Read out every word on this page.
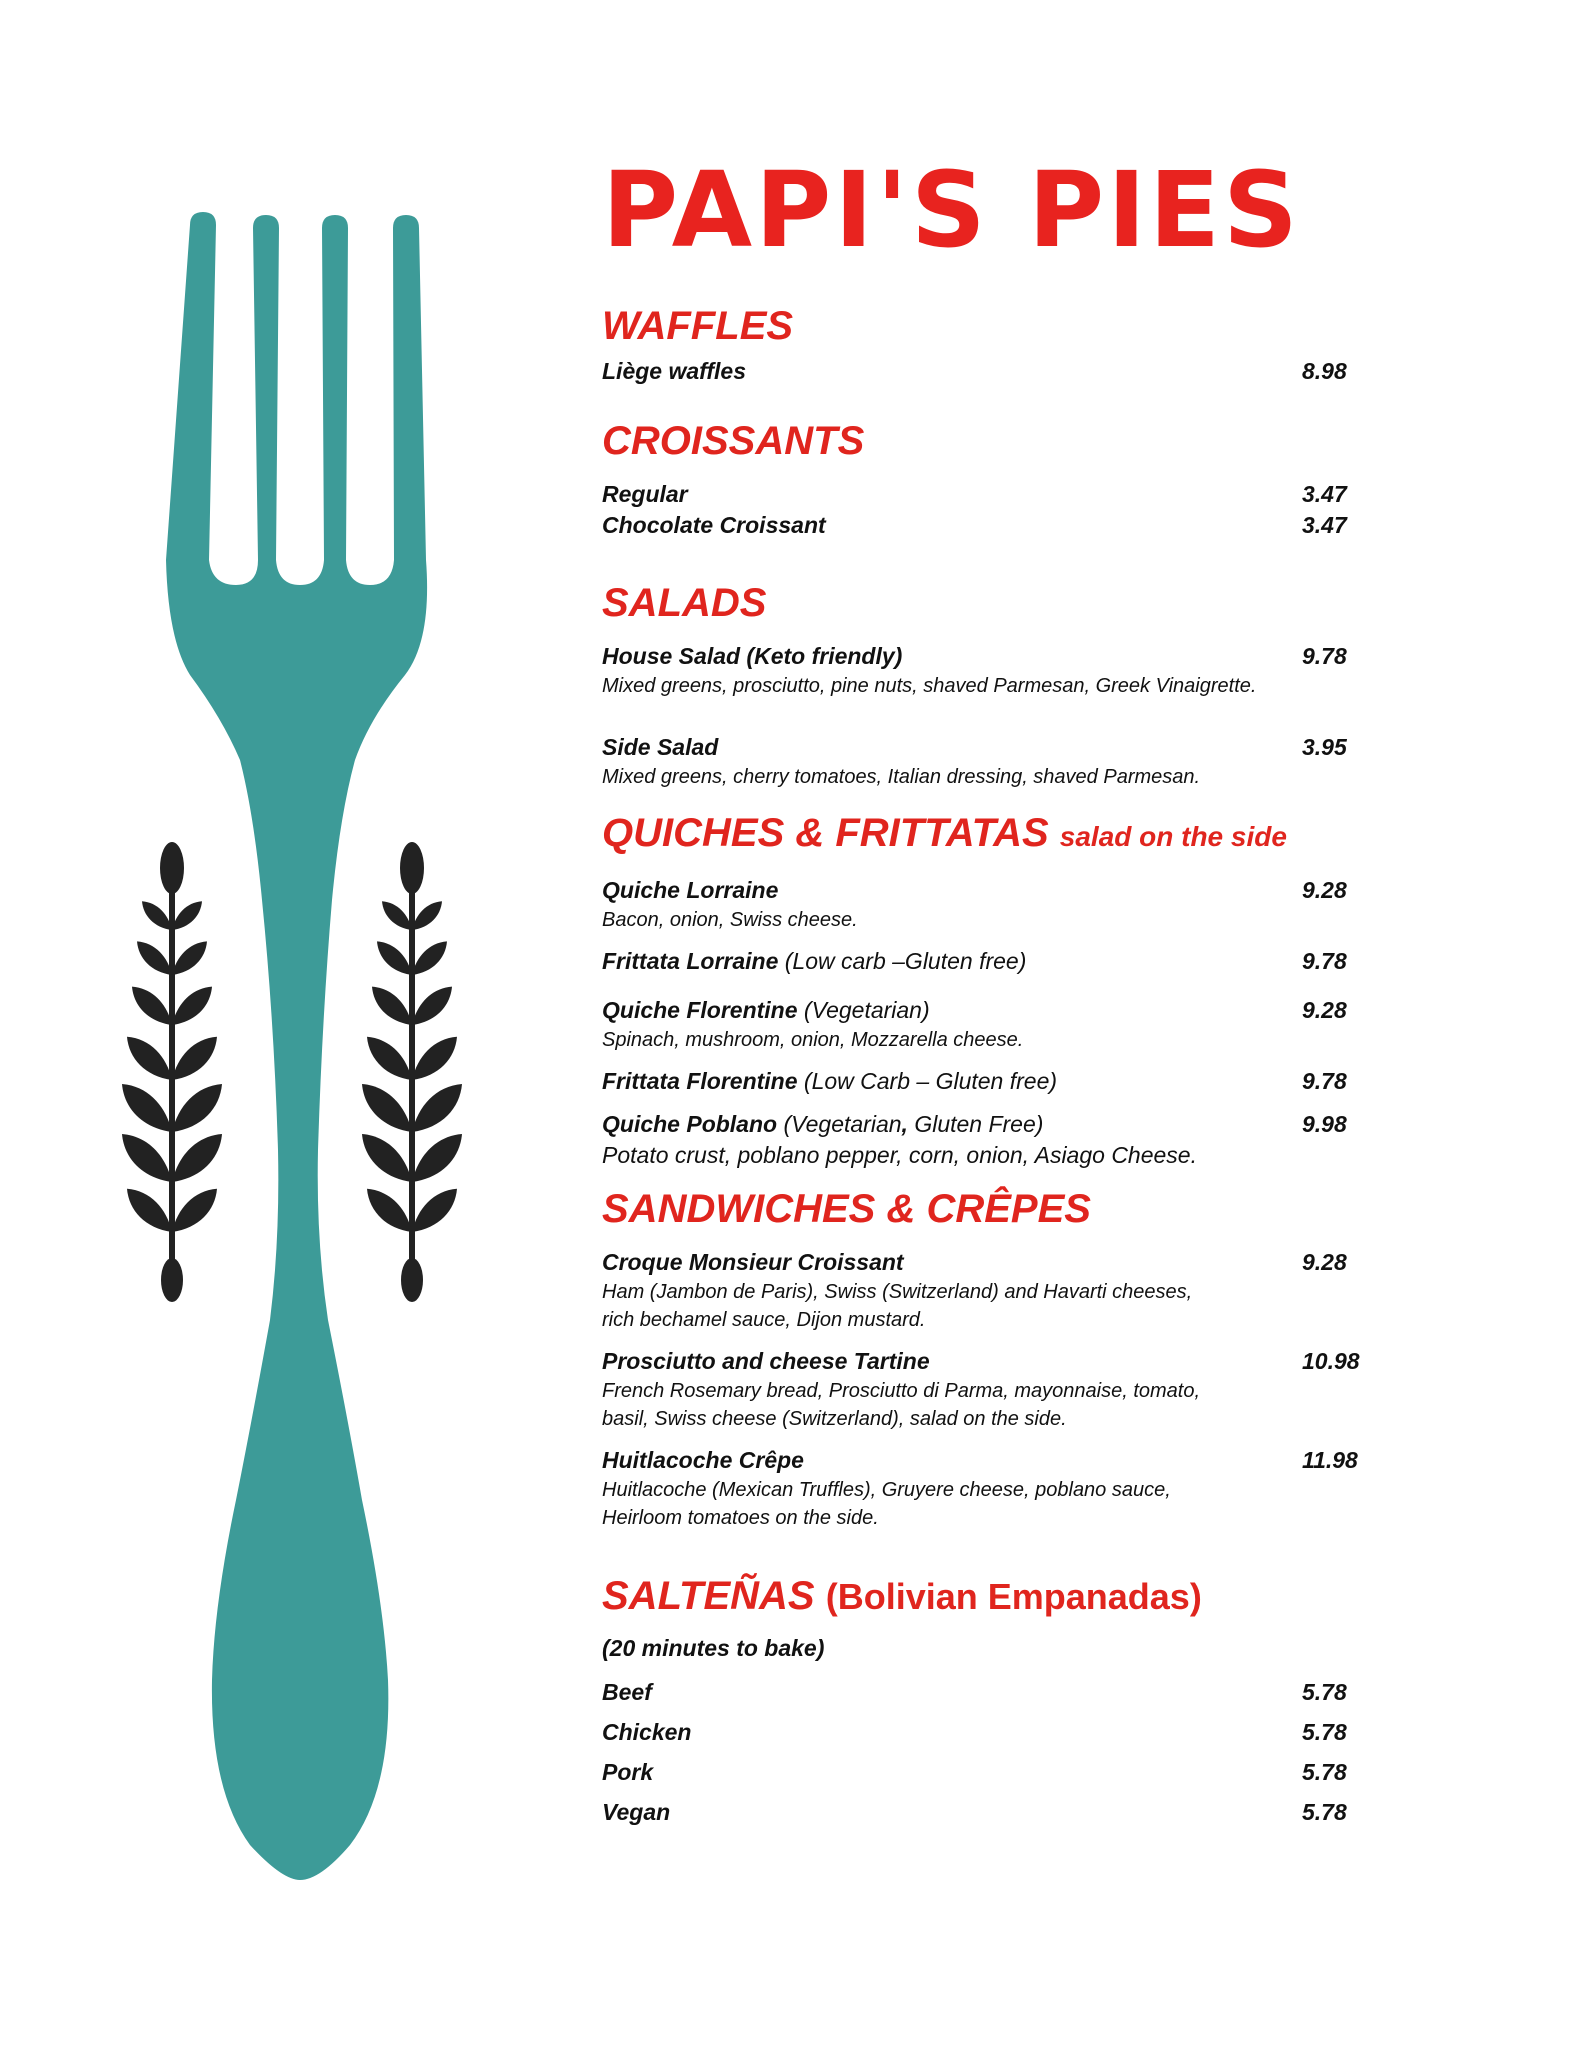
PAPI'S PIES
WAFFLES
Liège waffles	8.98
CROISSANTS
Regular	3.47
Chocolate Croissant	3.47
SALADS
House Salad (Keto friendly)	9.78
Mixed greens, prosciutto, pine nuts, shaved Parmesan, Greek Vinaigrette.
Side Salad	3.95
Mixed greens, cherry tomatoes, Italian dressing, shaved Parmesan.
QUICHES & FRITTATAS salad on the side
Quiche Lorraine	9.28
Bacon, onion, Swiss cheese.
Frittata Lorraine (Low carb –Gluten free)	9.78
Quiche Florentine (Vegetarian)	9.28
Spinach, mushroom, onion, Mozzarella cheese.
Frittata Florentine (Low Carb – Gluten free)	9.78
Quiche Poblano (Vegetarian, Gluten Free)	9.98
Potato crust, poblano pepper, corn, onion, Asiago Cheese.
SANDWICHES & CRÊPES
Croque Monsieur Croissant	9.28
Ham (Jambon de Paris), Swiss (Switzerland) and Havarti cheeses,
rich bechamel sauce, Dijon mustard.
Prosciutto and cheese Tartine	10.98
French Rosemary bread, Prosciutto di Parma, mayonnaise, tomato,
basil, Swiss cheese (Switzerland), salad on the side.
Huitlacoche Crêpe	11.98
Huitlacoche (Mexican Truffles), Gruyere cheese, poblano sauce,
Heirloom tomatoes on the side.
SALTEÑAS (Bolivian Empanadas)
(20 minutes to bake)
Beef	5.78
Chicken	5.78
Pork	5.78
Vegan	5.78
